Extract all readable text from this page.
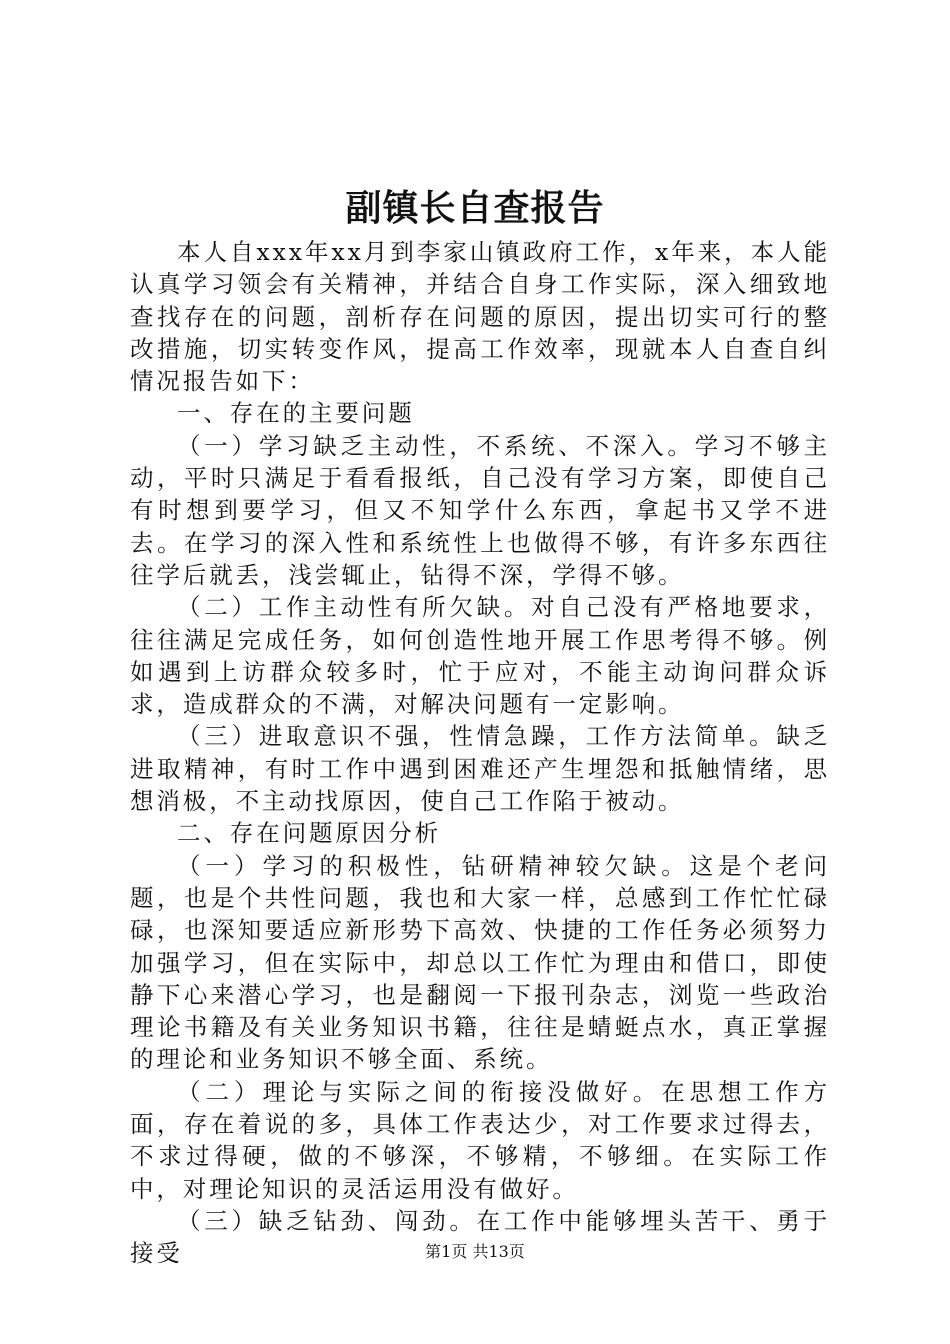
副镇长自查报告

本人自xxx年xx月到李家山镇政府工作，x年来，本人能认真学习领会有关精神，并结合自身工作实际，深入细致地查找存在的问题，剖析存在问题的原因，提出切实可行的整改措施，切实转变作风，提高工作效率，现就本人自查自纠情况报告如下：

一、存在的主要问题

（一）学习缺乏主动性，不系统、不深入。学习不够主动，平时只满足于看看报纸，自己没有学习方案，即使自己有时想到要学习，但又不知学什么东西，拿起书又学不进去。在学习的深入性和系统性上也做得不够，有许多东西往往学后就丢，浅尝辄止，钻得不深，学得不够。

（二）工作主动性有所欠缺。对自己没有严格地要求，往往满足完成任务，如何创造性地开展工作思考得不够。例如遇到上访群众较多时，忙于应对，不能主动询问群众诉求，造成群众的不满，对解决问题有一定影响。

（三）进取意识不强，性情急躁，工作方法简单。缺乏进取精神，有时工作中遇到困难还产生埋怨和抵触情绪，思想消极，不主动找原因，使自己工作陷于被动。

二、存在问题原因分析

（一）学习的积极性，钻研精神较欠缺。这是个老问题，也是个共性问题，我也和大家一样，总感到工作忙忙碌碌，也深知要适应新形势下高效、快捷的工作任务必须努力加强学习，但在实际中，却总以工作忙为理由和借口，即使静下心来潜心学习，也是翻阅一下报刊杂志，浏览一些政治理论书籍及有关业务知识书籍，往往是蜻蜓点水，真正掌握的理论和业务知识不够全面、系统。

（二）理论与实际之间的衔接没做好。在思想工作方面，存在着说的多，具体工作表达少，对工作要求过得去，不求过得硬，做的不够深，不够精，不够细。在实际工作中，对理论知识的灵活运用没有做好。

（三）缺乏钻劲、闯劲。在工作中能够埋头苦干、勇于接受	第1页 共13页
